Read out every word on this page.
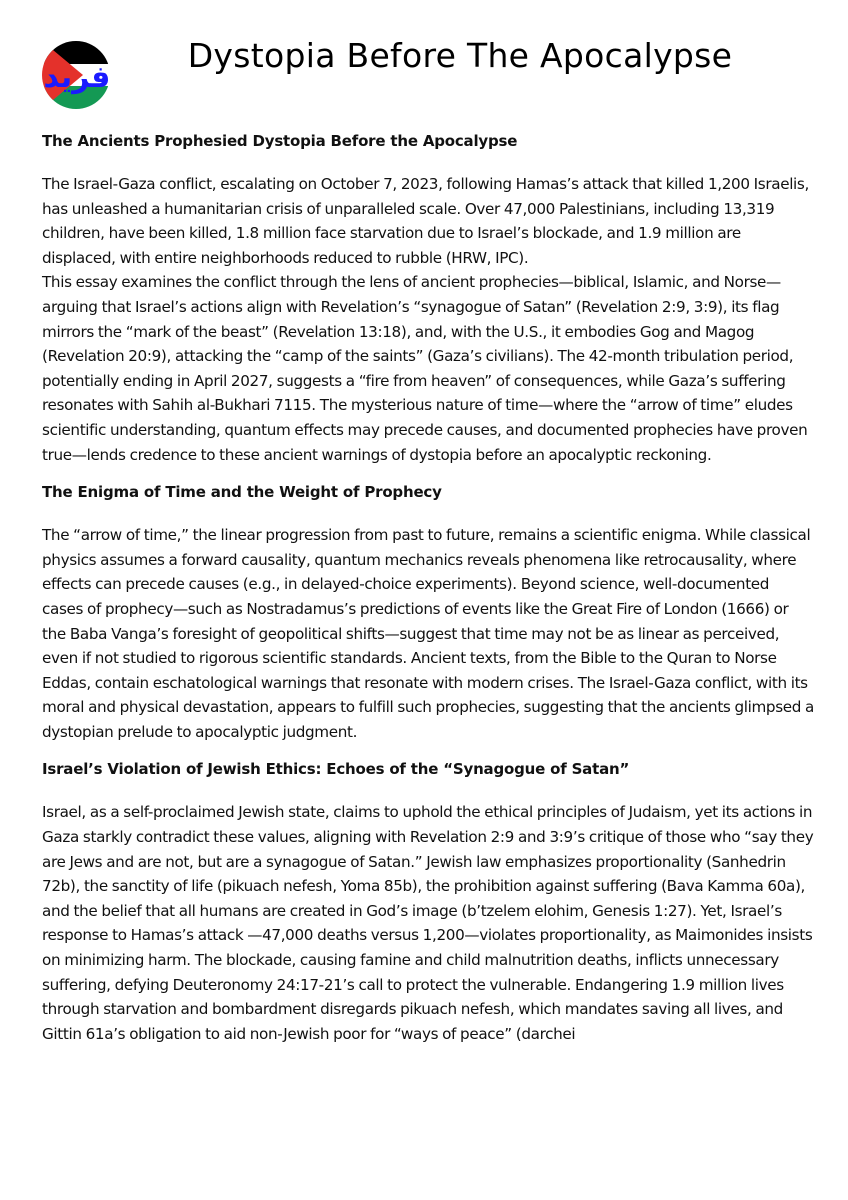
فريد
Dystopia Before The Apocalypse
The Ancients Prophesied Dystopia Before the Apocalypse

The Israel-Gaza conflict, escalating on October 7, 2023, following Hamas’s attack that killed 1,200 Israelis, has unleashed a humanitarian crisis of unparalleled scale. Over 47,000 Palestinians, including 13,319 children, have been killed, 1.8 million face starvation due to Israel’s blockade, and 1.9 million are displaced, with entire neighborhoods reduced to rubble (HRW, IPC).

This essay examines the conflict through the lens of ancient prophecies—biblical, Islamic, and Norse—arguing that Israel’s actions align with Revelation’s “synagogue of Satan” (Revelation 2:9, 3:9), its flag mirrors the “mark of the beast” (Revelation 13:18), and, with the U.S., it embodies Gog and Magog (Revelation 20:9), attacking the “camp of the saints” (Gaza’s civilians). The 42-month tribulation period, potentially ending in April 2027, suggests a “fire from heaven” of consequences, while Gaza’s suffering resonates with Sahih al-Bukhari 7115. The mysterious nature of time—where the “arrow of time” eludes scientific understanding, quantum effects may precede causes, and documented prophecies have proven true—lends credence to these ancient warnings of dystopia before an apocalyptic reckoning.

The Enigma of Time and the Weight of Prophecy

The “arrow of time,” the linear progression from past to future, remains a scientific enigma. While classical physics assumes a forward causality, quantum mechanics reveals phenomena like retrocausality, where effects can precede causes (e.g., in delayed-choice experiments). Beyond science, well-documented cases of prophecy—such as Nostradamus’s predictions of events like the Great Fire of London (1666) or the Baba Vanga’s foresight of geopolitical shifts—suggest that time may not be as linear as perceived, even if not studied to rigorous scientific standards. Ancient texts, from the Bible to the Quran to Norse Eddas, contain eschatological warnings that resonate with modern crises. The Israel-Gaza conflict, with its moral and physical devastation, appears to fulfill such prophecies, suggesting that the ancients glimpsed a dystopian prelude to apocalyptic judgment.

Israel’s Violation of Jewish Ethics: Echoes of the “Synagogue of Satan”

Israel, as a self-proclaimed Jewish state, claims to uphold the ethical principles of Judaism, yet its actions in Gaza starkly contradict these values, aligning with Revelation 2:9 and 3:9’s critique of those who “say they are Jews and are not, but are a synagogue of Satan.” Jewish law emphasizes proportionality (Sanhedrin 72b), the sanctity of life (pikuach nefesh, Yoma 85b), the prohibition against suffering (Bava Kamma 60a), and the belief that all humans are created in God’s image (b’tzelem elohim, Genesis 1:27). Yet, Israel’s response to Hamas’s attack —47,000 deaths versus 1,200—violates proportionality, as Maimonides insists on minimizing harm. The blockade, causing famine and child malnutrition deaths, inflicts unnecessary suffering, defying Deuteronomy 24:17-21’s call to protect the vulnerable. Endangering 1.9 million lives through starvation and bombardment disregards pikuach nefesh, which mandates saving all lives, and Gittin 61a’s obligation to aid non-Jewish poor for “ways of peace” (darchei
